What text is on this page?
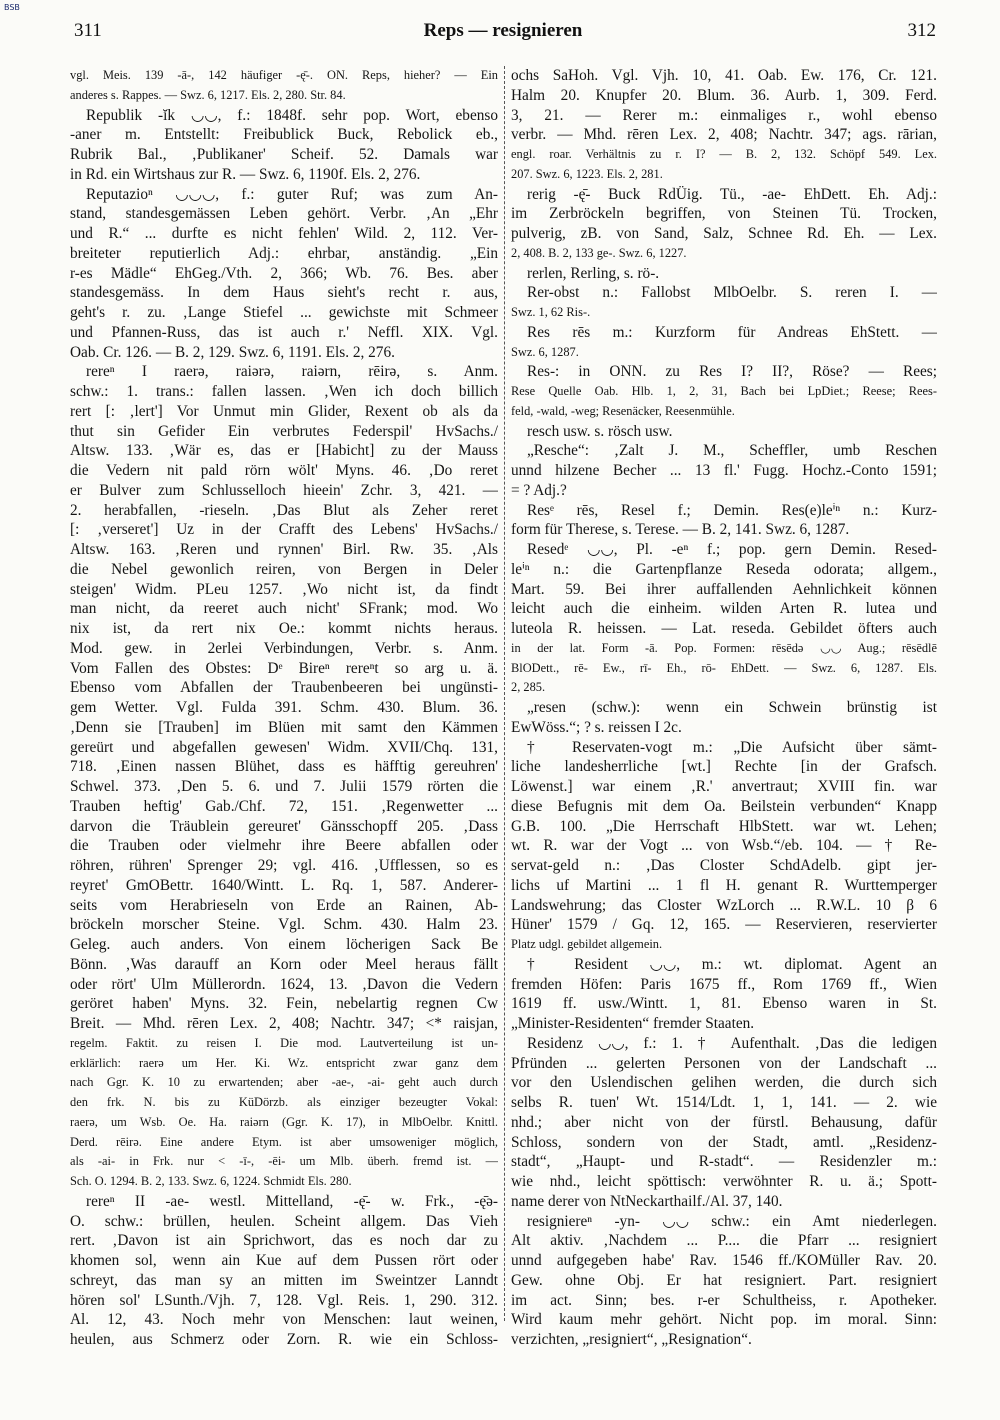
BSB
311	Reps — resignieren	312
vgl. Meis. 139 -ā-, 142 häufiger -ę̄-. ON. Reps, hieher? — Ein
anderes s. Rappes. — Swz. 6, 1217. Els. 2, 280. Str. 84.
Republik -ĭk ◡◡, f.: 1848f. sehr pop. Wort, ebenso
-aner m. Entstellt: Freibublick Buck, Rebolick eb.,
Rubrik Bal., ‚Publikaner' Scheif. 52. Damals war
in Rd. ein Wirtshaus zur R. — Swz. 6, 1190f. Els. 2, 276.
Reputazioⁿ ◡◡◡, f.: guter Ruf; was zum An-
stand, standesgemässen Leben gehört. Verbr. ‚An „Ehr
und R.“ ... durfte es nicht fehlen' Wild. 2, 112. Ver-
breiteter reputierlich Adj.: ehrbar, anständig. „Ein
r-es Mädle“ EhGeg./Vth. 2, 366; Wb. 76. Bes. aber
standesgemäss. In dem Haus sieht's recht r. aus,
geht's r. zu. ‚Lange Stiefel ... gewichste mit Schmeer
und Pfannen-Russ, das ist auch r.' Neffl. XIX. Vgl.
Oab. Cr. 126. — B. 2, 129. Swz. 6, 1191. Els. 2, 276.
rereⁿ I raerə, raiərə, raiərn, rēirə, s. Anm.
schw.: 1. trans.: fallen lassen. ‚Wen ich doch billich
rert [: ‚lert'] Vor Unmut min Glider, Rexent ob als da
thut sin Gefider Ein verbrutes Federspil' HvSachs./
Altsw. 133. ‚Wär es, das er [Habicht] zu der Mauss
die Vedern nit pald rörn wölt' Myns. 46. ‚Do reret
er Bulver zum Schlusselloch hieein' Zchr. 3, 421. —
2. herabfallen, -rieseln. ‚Das Blut als Zeher reret
[: ‚verseret'] Uz in der Crafft des Lebens' HvSachs./
Altsw. 163. ‚Reren und rynnen' Birl. Rw. 35. ‚Als
die Nebel gewonlich reiren, von Bergen in Deler
steigen' Widm. PLeu 1257. ‚Wo nicht ist, da findt
man nicht, da reeret auch nicht' SFrank; mod. Wo
nix ist, da rert nix Oe.: kommt nichts heraus.
Mod. gew. in 2erlei Verbindungen, Verbr. s. Anm.
Vom Fallen des Obstes: Dᵉ Bireⁿ rereⁿt so arg u. ä.
Ebenso vom Abfallen der Traubenbeeren bei ungünsti-
gem Wetter. Vgl. Fulda 391. Schm. 430. Blum. 36.
‚Denn sie [Trauben] im Blüen mit samt den Kämmen
gereürt und abgefallen gewesen' Widm. XVII/Chq. 131,
718. ‚Einen nassen Blühet, dass es häfftig gereuhren'
Schwel. 373. ‚Den 5. 6. und 7. Julii 1579 rörten die
Trauben heftig' Gab./Chf. 72, 151. ‚Regenwetter ...
darvon die Träublein gereuret' Gänsschopff 205. ‚Dass
die Trauben oder vielmehr ihre Beere abfallen oder
röhren, rühren' Sprenger 29; vgl. 416. ‚Ufflessen, so es
reyret' GmOBettr. 1640/Wintt. L. Rq. 1, 587. Anderer-
seits vom Herabrieseln von Erde an Rainen, Ab-
bröckeln morscher Steine. Vgl. Schm. 430. Halm 23.
Geleg. auch anders. Von einem löcherigen Sack Be
Bönn. ‚Was darauff an Korn oder Meel heraus fällt
oder rört' Ulm Müllerordn. 1624, 13. ‚Davon die Vedern
geröret haben' Myns. 32. Fein, nebelartig regnen Cw
Breit. — Mhd. rēren Lex. 2, 408; Nachtr. 347; <* raisjan,
regelm. Faktit. zu reisen I. Die mod. Lautverteilung ist un-
erklärlich: raerə um Her. Ki. Wz. entspricht zwar ganz dem
nach Ggr. K. 10 zu erwartenden; aber -ae-, -ai- geht auch durch
den frk. N. bis zu KüDörzb. als einziger bezeugter Vokal:
raerə, um Wsb. Oe. Ha. raiərn (Ggr. K. 17), in MlbOelbr. Knittl.
Derd. rēirə. Eine andere Etym. ist aber umsoweniger möglich,
als -ai- in Frk. nur < -ī-, -ēi- um Mlb. überh. fremd ist. —
Sch. O. 1294. B. 2, 133. Swz. 6, 1224. Schmidt Els. 280.
rereⁿ II -ae- westl. Mittelland, -ę̄- w. Frk., -ę̄ə-
O. schw.: brüllen, heulen. Scheint allgem. Das Vieh
rert. ‚Davon ist ain Sprichwort, das es noch dar zu
khomen sol, wenn ain Kue auf dem Pussen rört oder
schreyt, das man sy an mitten im Sweintzer Lanndt
hören sol' LSunth./Vjh. 7, 128. Vgl. Reis. 1, 290. 312.
Al. 12, 43. Noch mehr von Menschen: laut weinen,
heulen, aus Schmerz oder Zorn. R. wie ein Schloss-
ochs SaHoh. Vgl. Vjh. 10, 41. Oab. Ew. 176, Cr. 121.
Halm 20. Knupfer 20. Blum. 36. Aurb. 1, 309. Ferd.
3, 21. — Rerer m.: einmaliges r., wohl ebenso
verbr. — Mhd. rēren Lex. 2, 408; Nachtr. 347; ags. rārian,
engl. roar. Verhältnis zu r. I? — B. 2, 132. Schöpf 549. Lex.
207. Swz. 6, 1223. Els. 2, 281.
rerig -ę̄- Buck RdÜig. Tü., -ae- EhDett. Eh. Adj.:
im Zerbröckeln begriffen, von Steinen Tü. Trocken,
pulverig, zB. von Sand, Salz, Schnee Rd. Eh. — Lex.
2, 408. B. 2, 133 ge-. Swz. 6, 1227.
rerlen, Rerling, s. rö-.
Rer-obst n.: Fallobst MlbOelbr. S. reren I. —
Swz. 1, 62 Ris-.
Res rēs m.: Kurzform für Andreas EhStett. —
Swz. 6, 1287.
Res-: in ONN. zu Res I? II?, Röse? — Rees;
Rese Quelle Oab. Hlb. 1, 2, 31, Bach bei LpDiet.; Reese; Rees-
feld, -wald, -weg; Resenäcker, Reesenmühle.
resch usw. s. rösch usw.
„Resche“: ‚Zalt J. M., Scheffler, umb Reschen
unnd hilzene Becher ... 13 fl.' Fugg. Hochz.-Conto 1591;
= ? Adj.?
Resᵉ rēs, Resel f.; Demin. Res(e)leⁱⁿ n.: Kurz-
form für Therese, s. Terese. — B. 2, 141. Swz. 6, 1287.
Resedᵉ ◡◡, Pl. -eⁿ f.; pop. gern Demin. Resed-
leⁱⁿ n.: die Gartenpflanze Reseda odorata; allgem.,
Mart. 59. Bei ihrer auffallenden Aehnlichkeit können
leicht auch die einheim. wilden Arten R. lutea und
luteola R. heissen. — Lat. reseda. Gebildet öfters auch
in der lat. Form -ā. Pop. Formen: rēsēdə ◡◡ Aug.; rēsēdlē
BlODett., rē- Ew., rī- Eh., rō- EhDett. — Swz. 6, 1287. Els.
2, 285.
„resen (schw.): wenn ein Schwein brünstig ist
EwWöss.“; ? s. reissen I 2c.
† Reservaten-vogt m.: „Die Aufsicht über sämt-
liche landesherrliche [wt.] Rechte [in der Grafsch.
Löwenst.] war einem ‚R.' anvertraut; XVIII fin. war
diese Befugnis mit dem Oa. Beilstein verbunden“ Knapp
G.B. 100. „Die Herrschaft HlbStett. war wt. Lehen;
wt. R. war der Vogt ... von Wsb.“/eb. 104. — † Re-
servat-geld n.: ‚Das Closter SchdAdelb. gipt jer-
lichs uf Martini ... 1 fl H. genant R. Wurttemperger
Landswehrung; das Closter WzLorch ... R.W.L. 10 β 6
Hüner' 1579 / Gq. 12, 165. — Reservieren, reservierter
Platz udgl. gebildet allgemein.
† Resident ◡◡, m.: wt. diplomat. Agent an
fremden Höfen: Paris 1675 ff., Rom 1769 ff., Wien
1619 ff. usw./Wintt. 1, 81. Ebenso waren in St.
„Minister-Residenten“ fremder Staaten.
Residenz ◡◡, f.: 1. † Aufenthalt. ‚Das die ledigen
Pfründen ... gelerten Personen von der Landschaft ...
vor den Uslendischen gelihen werden, die durch sich
selbs R. tuen' Wt. 1514/Ldt. 1, 1, 141. — 2. wie
nhd.; aber nicht von der fürstl. Behausung, dafür
Schloss, sondern von der Stadt, amtl. „Residenz-
stadt“, „Haupt- und R-stadt“. — Residenzler m.:
wie nhd., leicht spöttisch: verwöhnter R. u. ä.; Spott-
name derer von NtNeckarthailf./Al. 37, 140.
resignierеⁿ -yn- ◡◡ schw.: ein Amt niederlegen.
Alt aktiv. ‚Nachdem ... P.... die Pfarr ... resigniert
unnd aufgegeben habe' Rav. 1546 ff./KOMüller Rav. 20.
Gew. ohne Obj. Er hat resigniert. Part. resigniert
im act. Sinn; bes. r-er Schultheiss, r. Apotheker.
Wird kaum mehr gehört. Nicht pop. im moral. Sinn:
verzichten, „resigniert“, „Resignation“.
